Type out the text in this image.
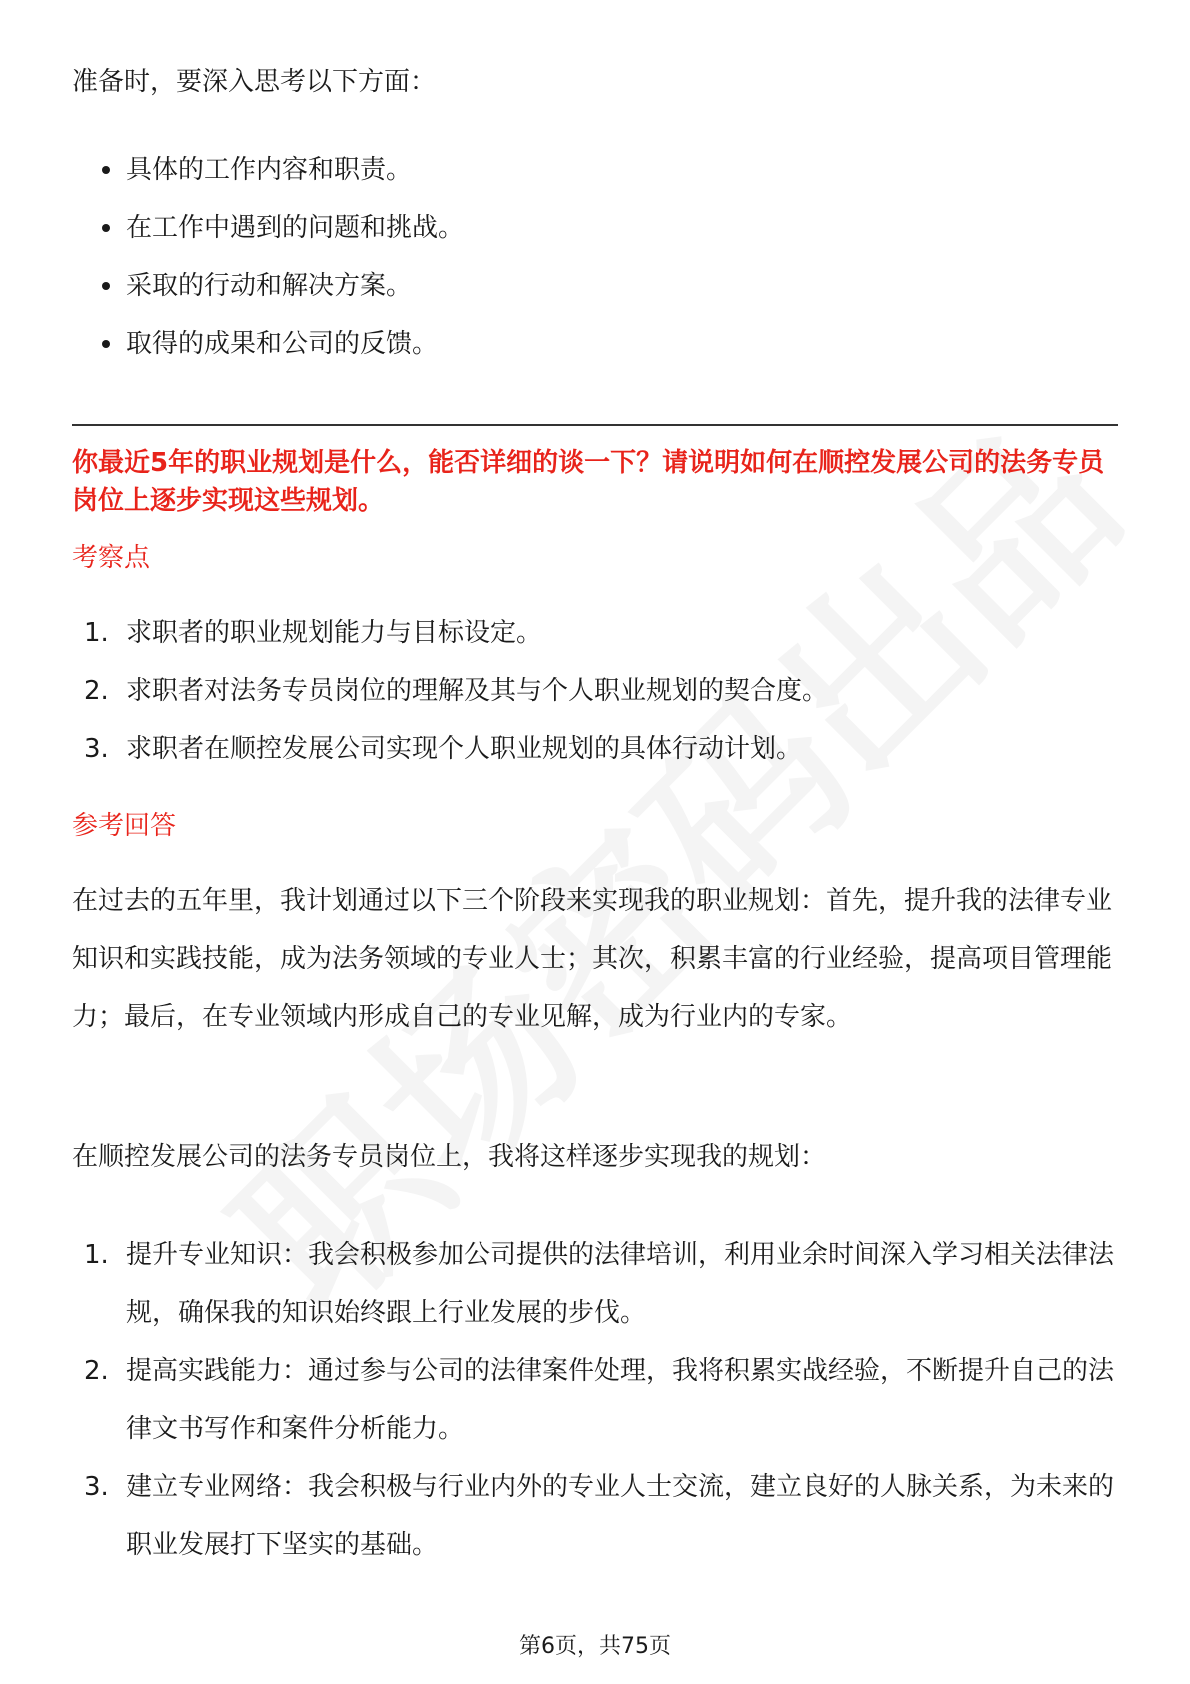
准备时，要深入思考以下方面：

具体的工作内容和职责。
在工作中遇到的问题和挑战。
采取的行动和解决方案。
取得的成果和公司的反馈。
你最近5年的职业规划是什么，能否详细的谈一下？请说明如何在顺控发展公司的法务专员岗位上逐步实现这些规划。
考察点
1. 求职者的职业规划能力与目标设定。
2. 求职者对法务专员岗位的理解及其与个人职业规划的契合度。
3. 求职者在顺控发展公司实现个人职业规划的具体行动计划。
参考回答

在过去的五年里，我计划通过以下三个阶段来实现我的职业规划：首先，提升我的法律专业知识和实践技能，成为法务领域的专业人士；其次，积累丰富的行业经验，提高项目管理能力；最后，在专业领域内形成自己的专业见解，成为行业内的专家。

在顺控发展公司的法务专员岗位上，我将这样逐步实现我的规划：

1. 提升专业知识：我会积极参加公司提供的法律培训，利用业余时间深入学习相关法律法规，确保我的知识始终跟上行业发展的步伐。
2. 提高实践能力：通过参与公司的法律案件处理，我将积累实战经验，不断提升自己的法律文书写作和案件分析能力。
3. 建立专业网络：我会积极与行业内外的专业人士交流，建立良好的人脉关系，为未来的职业发展打下坚实的基础。
第6页，共75页
